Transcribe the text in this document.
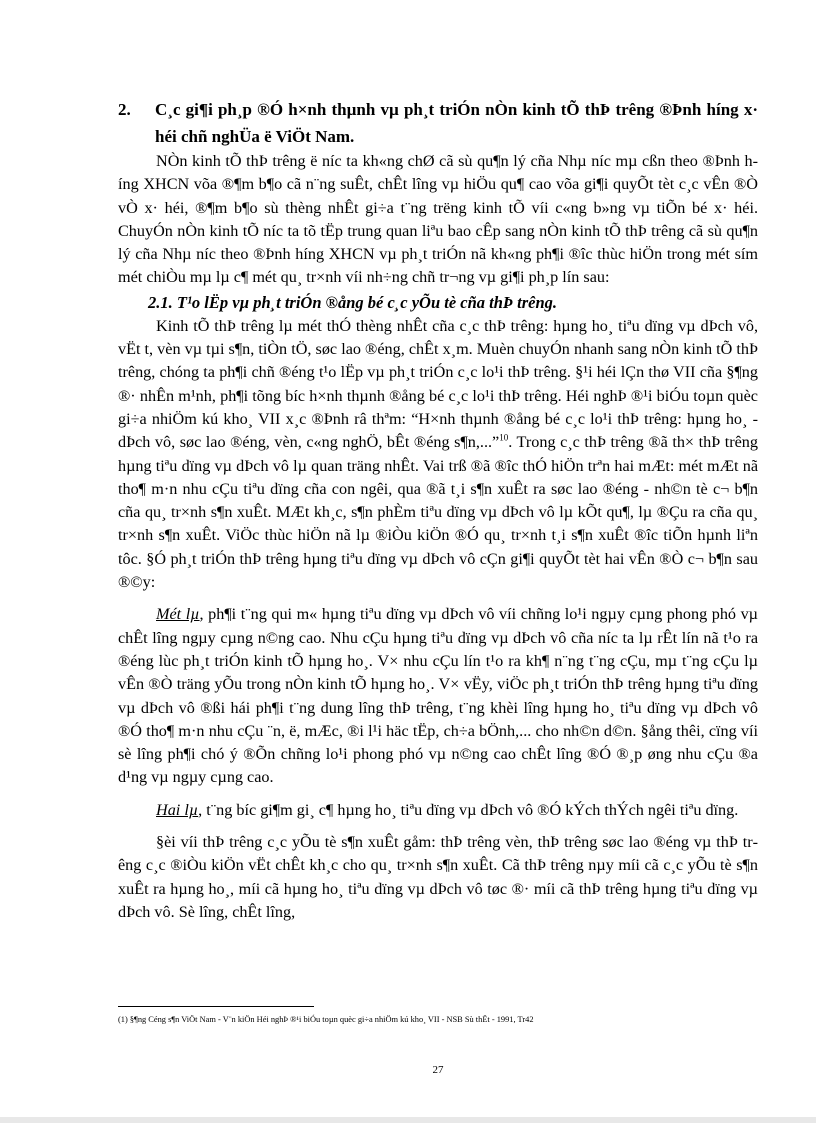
2.	C¸c gi¶i ph¸p ®Ó h×nh thµnh vµ ph¸t triÓn nÒn kinh tÕ thÞ trêng ®Þnh híng x· héi chñ nghÜa ë ViÖt Nam.

NÒn kinh tÕ thÞ trêng ë níc ta kh«ng chØ cã sù qu¶n lý cña Nhµ níc mµ cßn theo ®Þnh híng XHCN võa ®¶m b¶o cã n¨ng suÊt, chÊt lîng vµ hiÖu qu¶ cao võa gi¶i quyÕt tèt c¸c vÊn ®Ò vÒ x· héi, ®¶m b¶o sù thèng nhÊt gi÷a t¨ng trëng kinh tÕ víi c«ng b»ng vµ tiÕn bé x· héi. ChuyÓn nÒn kinh tÕ níc ta tõ tËp trung quan liªu bao cÊp sang nÒn kinh tÕ thÞ trêng cã sù qu¶n lý cña Nhµ níc theo ®Þnh híng XHCN vµ ph¸t triÓn nã kh«ng ph¶i ®îc thùc hiÖn trong mét sím mét chiÒu mµ lµ c¶ mét qu¸ tr×nh víi nh÷ng chñ tr¬ng vµ gi¶i ph¸p lín sau:

2.1. T¹o lËp vµ ph¸t triÓn ®ång bé c¸c yÕu tè cña thÞ trêng.

Kinh tÕ thÞ trêng lµ mét thÓ thèng nhÊt cña c¸c thÞ trêng: hµng ho¸ tiªu dïng vµ dÞch vô, vËt t, vèn vµ tµi s¶n, tiÒn tÖ, søc lao ®éng, chÊt x¸m. Muèn chuyÓn nhanh sang nÒn kinh tÕ thÞ trêng, chóng ta ph¶i chñ ®éng t¹o lËp vµ ph¸t triÓn c¸c lo¹i thÞ trêng. §¹i héi lÇn thø VII cña §¶ng ®· nhÊn m¹nh, ph¶i tõng bíc h×nh thµnh ®ång bé c¸c lo¹i thÞ trêng. Héi nghÞ ®¹i biÓu toµn quèc gi÷a nhiÖm kú kho¸ VII x¸c ®Þnh râ thªm: “H×nh thµnh ®ång bé c¸c lo¹i thÞ trêng: hµng ho¸ - dÞch vô, søc lao ®éng, vèn, c«ng nghÖ, bÊt ®éng s¶n,...”$^{10}$. Trong c¸c thÞ trêng ®ã th× thÞ trêng hµng tiªu dïng vµ dÞch vô lµ quan träng nhÊt. Vai trß ®ã ®îc thÓ hiÖn trªn hai mÆt: mét mÆt nã tho¶ m·n nhu cÇu tiªu dïng cña con ngêi, qua ®ã t¸i s¶n xuÊt ra søc lao ®éng - nh©n tè c¬ b¶n cña qu¸ tr×nh s¶n xuÊt. MÆt kh¸c, s¶n phÈm tiªu dïng vµ dÞch vô lµ kÕt qu¶, lµ ®Çu ra cña qu¸ tr×nh s¶n xuÊt. ViÖc thùc hiÖn nã lµ ®iÒu kiÖn ®Ó qu¸ tr×nh t¸i s¶n xuÊt ®îc tiÕn hµnh liªn tôc. §Ó ph¸t triÓn thÞ trêng hµng tiªu dïng vµ dÞch vô cÇn gi¶i quyÕt tèt hai vÊn ®Ò c¬ b¶n sau ®©y:

Mét lµ, ph¶i t¨ng qui m« hµng tiªu dïng vµ dÞch vô víi chñng lo¹i ngµy cµng phong phó vµ chÊt lîng ngµy cµng n©ng cao. Nhu cÇu hµng tiªu dïng vµ dÞch vô cña níc ta lµ rÊt lín nã t¹o ra ®éng lùc ph¸t triÓn kinh tÕ hµng ho¸. V× nhu cÇu lín t¹o ra kh¶ n¨ng t¨ng cÇu, mµ t¨ng cÇu lµ vÊn ®Ò träng yÕu trong nÒn kinh tÕ hµng ho¸. V× vËy, viÖc ph¸t triÓn thÞ trêng hµng tiªu dïng vµ dÞch vô ®ßi hái ph¶i t¨ng dung lîng thÞ trêng, t¨ng khèi lîng hµng ho¸ tiªu dïng vµ dÞch vô ®Ó tho¶ m·n nhu cÇu ¨n, ë, mÆc, ®i l¹i häc tËp, ch÷a bÖnh,... cho nh©n d©n. §ång thêi, cïng víi sè lîng ph¶i chó ý ®Õn chñng lo¹i phong phó vµ n©ng cao chÊt lîng ®Ó ®¸p øng nhu cÇu ®a d¹ng vµ ngµy cµng cao.

Hai lµ, t¨ng bíc gi¶m gi¸ c¶ hµng ho¸ tiªu dïng vµ dÞch vô ®Ó kÝch thÝch ngêi tiªu dïng.

§èi víi thÞ trêng c¸c yÕu tè s¶n xuÊt gåm: thÞ trêng vèn, thÞ trêng søc lao ®éng vµ thÞ trêng c¸c ®iÒu kiÖn vËt chÊt kh¸c cho qu¸ tr×nh s¶n xuÊt. Cã thÞ trêng nµy míi cã c¸c yÕu tè s¶n xuÊt ra hµng ho¸, míi cã hµng ho¸ tiªu dïng vµ dÞch vô tøc ®· míi cã thÞ trêng hµng tiªu dïng vµ dÞch vô. Sè lîng, chÊt lîng,

(1) §¶ng Céng s¶n ViÖt Nam - V¨n kiÖn Héi nghÞ ®¹i biÓu toµn quèc gi÷a nhiÖm kú kho¸ VII - NSB Sù thËt - 1991, Tr42
27
